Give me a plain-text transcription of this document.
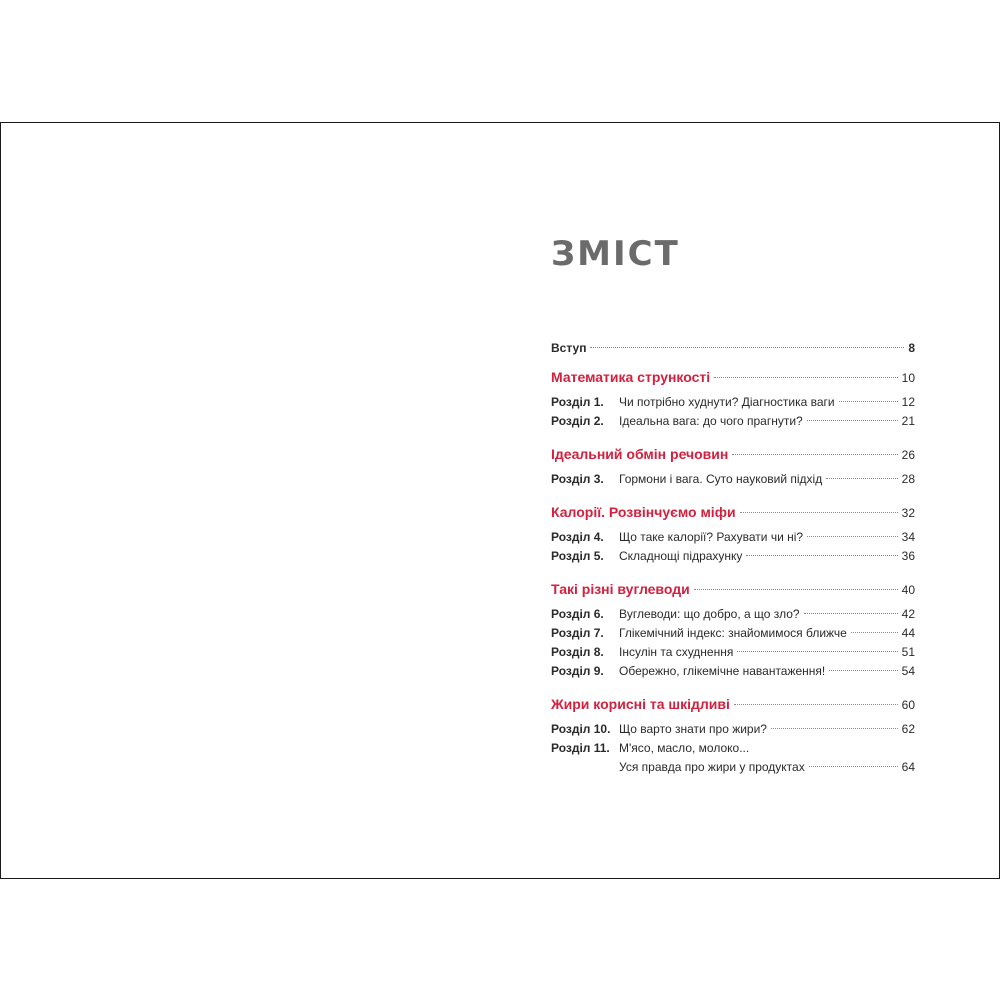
ЗМІСТ
Вступ	8
Математика стрункості	10
Розділ 1.	Чи потрібно худнути? Діагностика ваги	12
Розділ 2.	Ідеальна вага: до чого прагнути?	21
Ідеальний обмін речовин	26
Розділ 3.	Гормони і вага. Суто науковий підхід	28
Калорії. Розвінчуємо міфи	32
Розділ 4.	Що таке калорії? Рахувати чи ні?	34
Розділ 5.	Складнощі підрахунку	36
Такі різні вуглеводи	40
Розділ 6.	Вуглеводи: що добро, а що зло?	42
Розділ 7.	Глікемічний індекс: знайомимося ближче	44
Розділ 8.	Інсулін та схуднення	51
Розділ 9.	Обережно, глікемічне навантаження!	54
Жири корисні та шкідливі	60
Розділ 10. Що варто знати про жири?	62
Розділ 11. М'ясо, масло, молоко...
Уся правда про жири у продуктах	64
